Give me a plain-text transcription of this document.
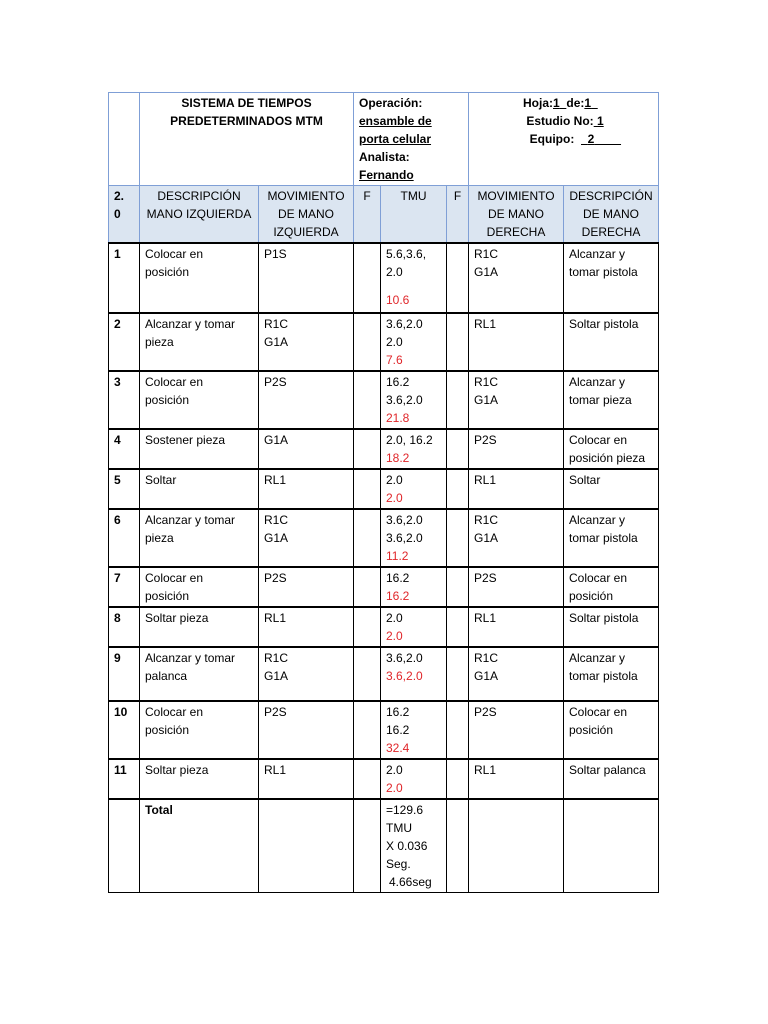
	SISTEMA DE TIEMPOS
PREDETERMINADOS MTM		Operación:
ensamble de
porta celular
Analista:
Fernando			Hoja:1 de:1
Estudio No: 1
Equipo: 2	

2.
0	DESCRIPCIÓN
MANO IZQUIERDA	MOVIMIENTO
DE MANO
IZQUIERDA	F	TMU	F	MOVIMIENTO
DE MANO
DERECHA	DESCRIPCIÓN
DE MANO
DERECHA

1	Colocar en
posición	P1S		5.6,3.6,
2.0
10.6		R1C
G1A	Alcanzar y
tomar pistola

2	Alcanzar y tomar
pieza	R1C
G1A		3.6,2.0
2.0
7.6		RL1	Soltar pistola

3	Colocar en
posición	P2S		16.2
3.6,2.0
21.8		R1C
G1A	Alcanzar y
tomar pieza

4	Sostener pieza	G1A		2.0, 16.2
18.2		P2S	Colocar en
posición pieza

5	Soltar	RL1		2.0
2.0		RL1	Soltar

6	Alcanzar y tomar
pieza	R1C
G1A		3.6,2.0
3.6,2.0
11.2		R1C
G1A	Alcanzar y
tomar pistola

7	Colocar en
posición	P2S		16.2
16.2		P2S	Colocar en
posición

8	Soltar pieza	RL1		2.0
2.0		RL1	Soltar pistola

9	Alcanzar y tomar
palanca	R1C
G1A		3.6,2.0
3.6,2.0		R1C
G1A	Alcanzar y
tomar pistola

10	Colocar en
posición	P2S		16.2
16.2
32.4		P2S	Colocar en
posición

11	Soltar pieza	RL1		2.0
2.0		RL1	Soltar palanca

	Total			=129.6
TMU
X 0.036
Seg.
4.66seg			
